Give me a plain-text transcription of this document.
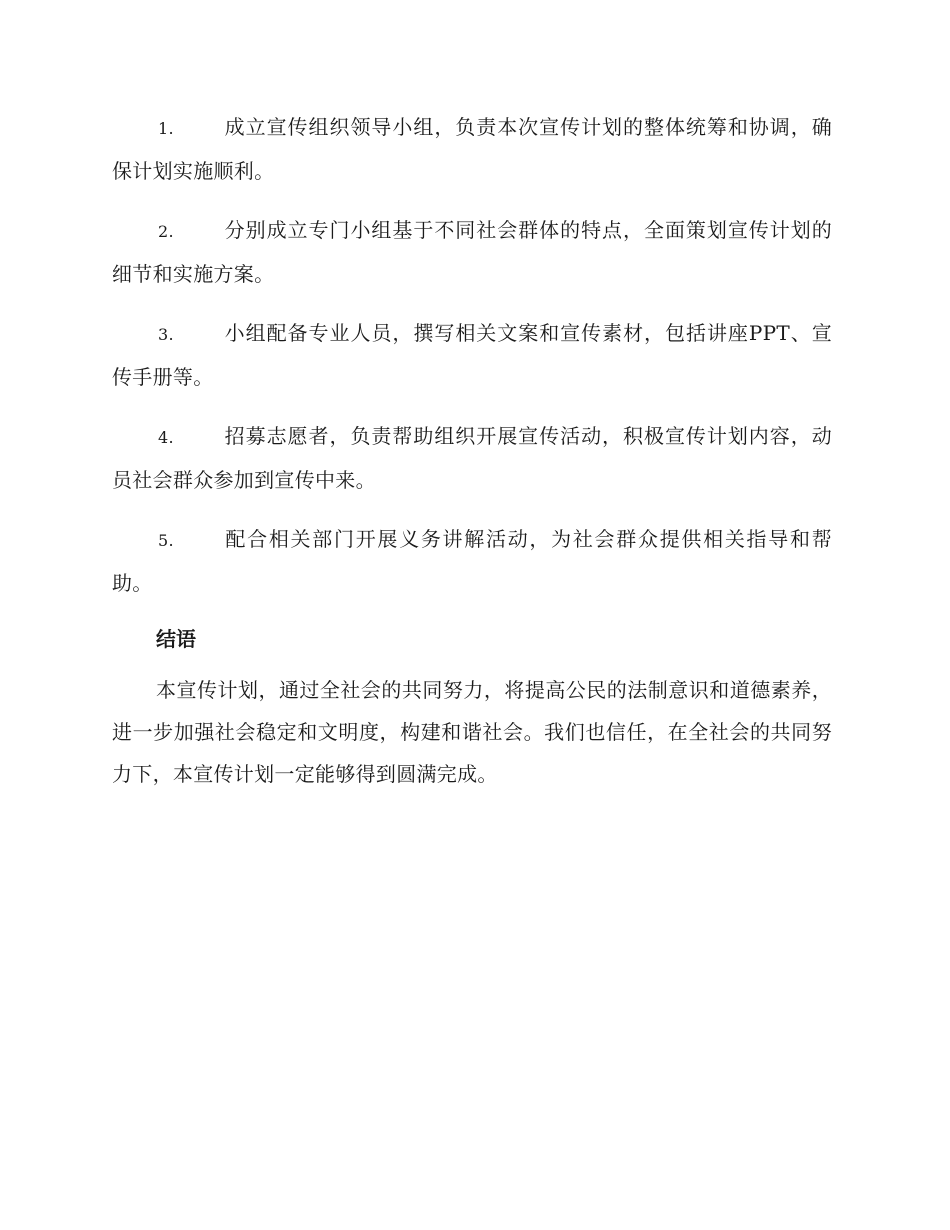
1.	成立宣传组织领导小组，负责本次宣传计划的整体统筹和协调，确保计划实施顺利。
2.	分别成立专门小组基于不同社会群体的特点，全面策划宣传计划的细节和实施方案。
3.	小组配备专业人员，撰写相关文案和宣传素材，包括讲座PPT、宣传手册等。
4.	招募志愿者，负责帮助组织开展宣传活动，积极宣传计划内容，动员社会群众参加到宣传中来。
5.	配合相关部门开展义务讲解活动，为社会群众提供相关指导和帮助。
结语

本宣传计划，通过全社会的共同努力，将提高公民的法制意识和道德素养，进一步加强社会稳定和文明度，构建和谐社会。我们也信任，在全社会的共同努力下，本宣传计划一定能够得到圆满完成。
